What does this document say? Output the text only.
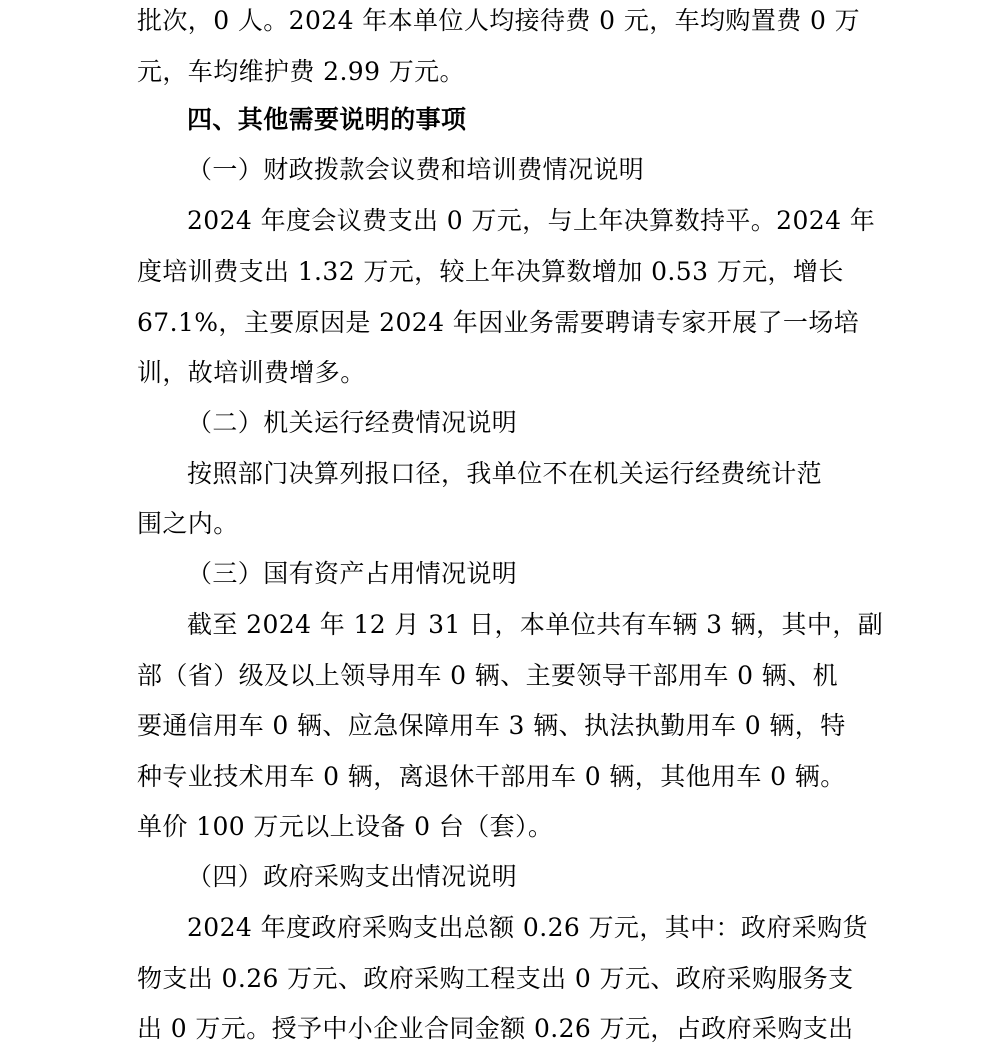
批次，0 人。2024 年本单位人均接待费 0 元，车均购置费 0 万
元，车均维护费 2.99 万元。
四、其他需要说明的事项
（一）财政拨款会议费和培训费情况说明
2024 年度会议费支出 0 万元，与上年决算数持平。2024 年
度培训费支出 1.32 万元，较上年决算数增加 0.53 万元，增长
67.1%，主要原因是 2024 年因业务需要聘请专家开展了一场培
训，故培训费增多。
（二）机关运行经费情况说明
按照部门决算列报口径，我单位不在机关运行经费统计范
围之内。
（三）国有资产占用情况说明
截至 2024 年 12 月 31 日，本单位共有车辆 3 辆，其中，副
部（省）级及以上领导用车 0 辆、主要领导干部用车 0 辆、机
要通信用车 0 辆、应急保障用车 3 辆、执法执勤用车 0 辆，特
种专业技术用车 0 辆，离退休干部用车 0 辆，其他用车 0 辆。
单价 100 万元以上设备 0 台（套）。
（四）政府采购支出情况说明
2024 年度政府采购支出总额 0.26 万元，其中：政府采购货
物支出 0.26 万元、政府采购工程支出 0 万元、政府采购服务支
出 0 万元。授予中小企业合同金额 0.26 万元，占政府采购支出
